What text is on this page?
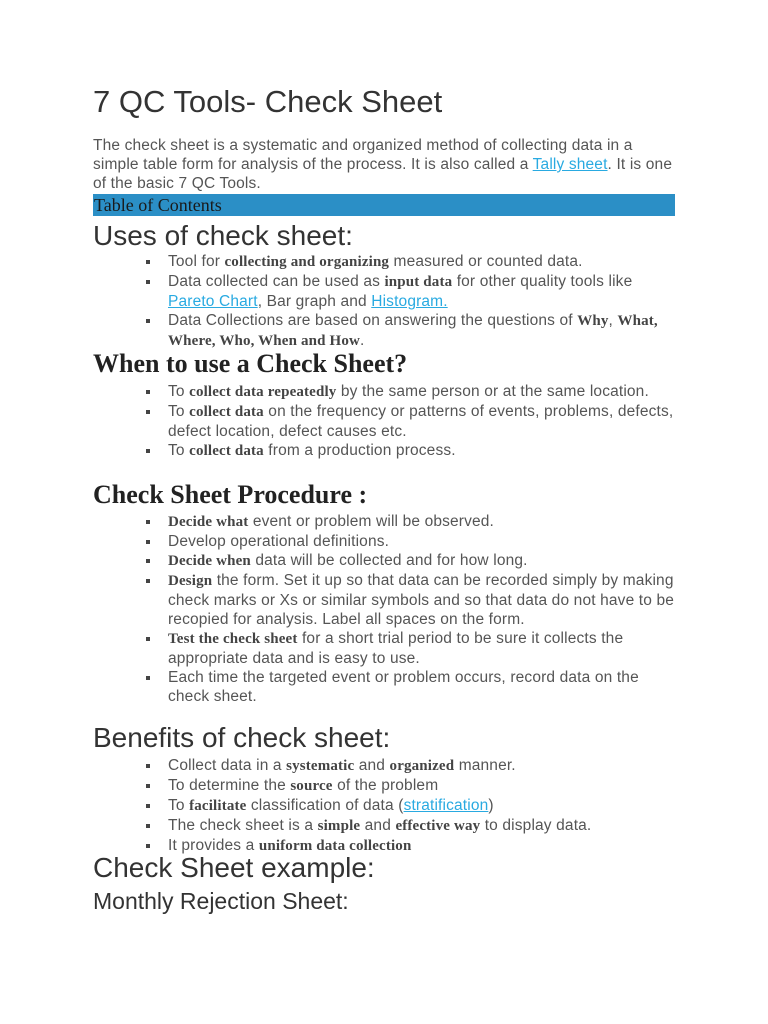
7 QC Tools- Check Sheet

The check sheet is a systematic and organized method of collecting data in a simple table form for analysis of the process. It is also called a Tally sheet. It is one of the basic 7 QC Tools.

Table of Contents
Uses of check sheet:
Tool for collecting and organizing measured or counted data.
Data collected can be used as input data for other quality tools like Pareto Chart, Bar graph and Histogram.
Data Collections are based on answering the questions of Why, What, Where, Who, When and How.
When to use a Check Sheet?
To collect data repeatedly by the same person or at the same location.
To collect data on the frequency or patterns of events, problems, defects, defect location, defect causes etc.
To collect data from a production process.
Check Sheet Procedure :
Decide what event or problem will be observed.
Develop operational definitions.
Decide when data will be collected and for how long.
Design the form. Set it up so that data can be recorded simply by making check marks or Xs or similar symbols and so that data do not have to be recopied for analysis. Label all spaces on the form.
Test the check sheet for a short trial period to be sure it collects the appropriate data and is easy to use.
Each time the targeted event or problem occurs, record data on the check sheet.
Benefits of check sheet:
Collect data in a systematic and organized manner.
To determine the source of the problem
To facilitate classification of data (stratification)
The check sheet is a simple and effective way to display data.
It provides a uniform data collection
Check Sheet example:
Monthly Rejection Sheet:
